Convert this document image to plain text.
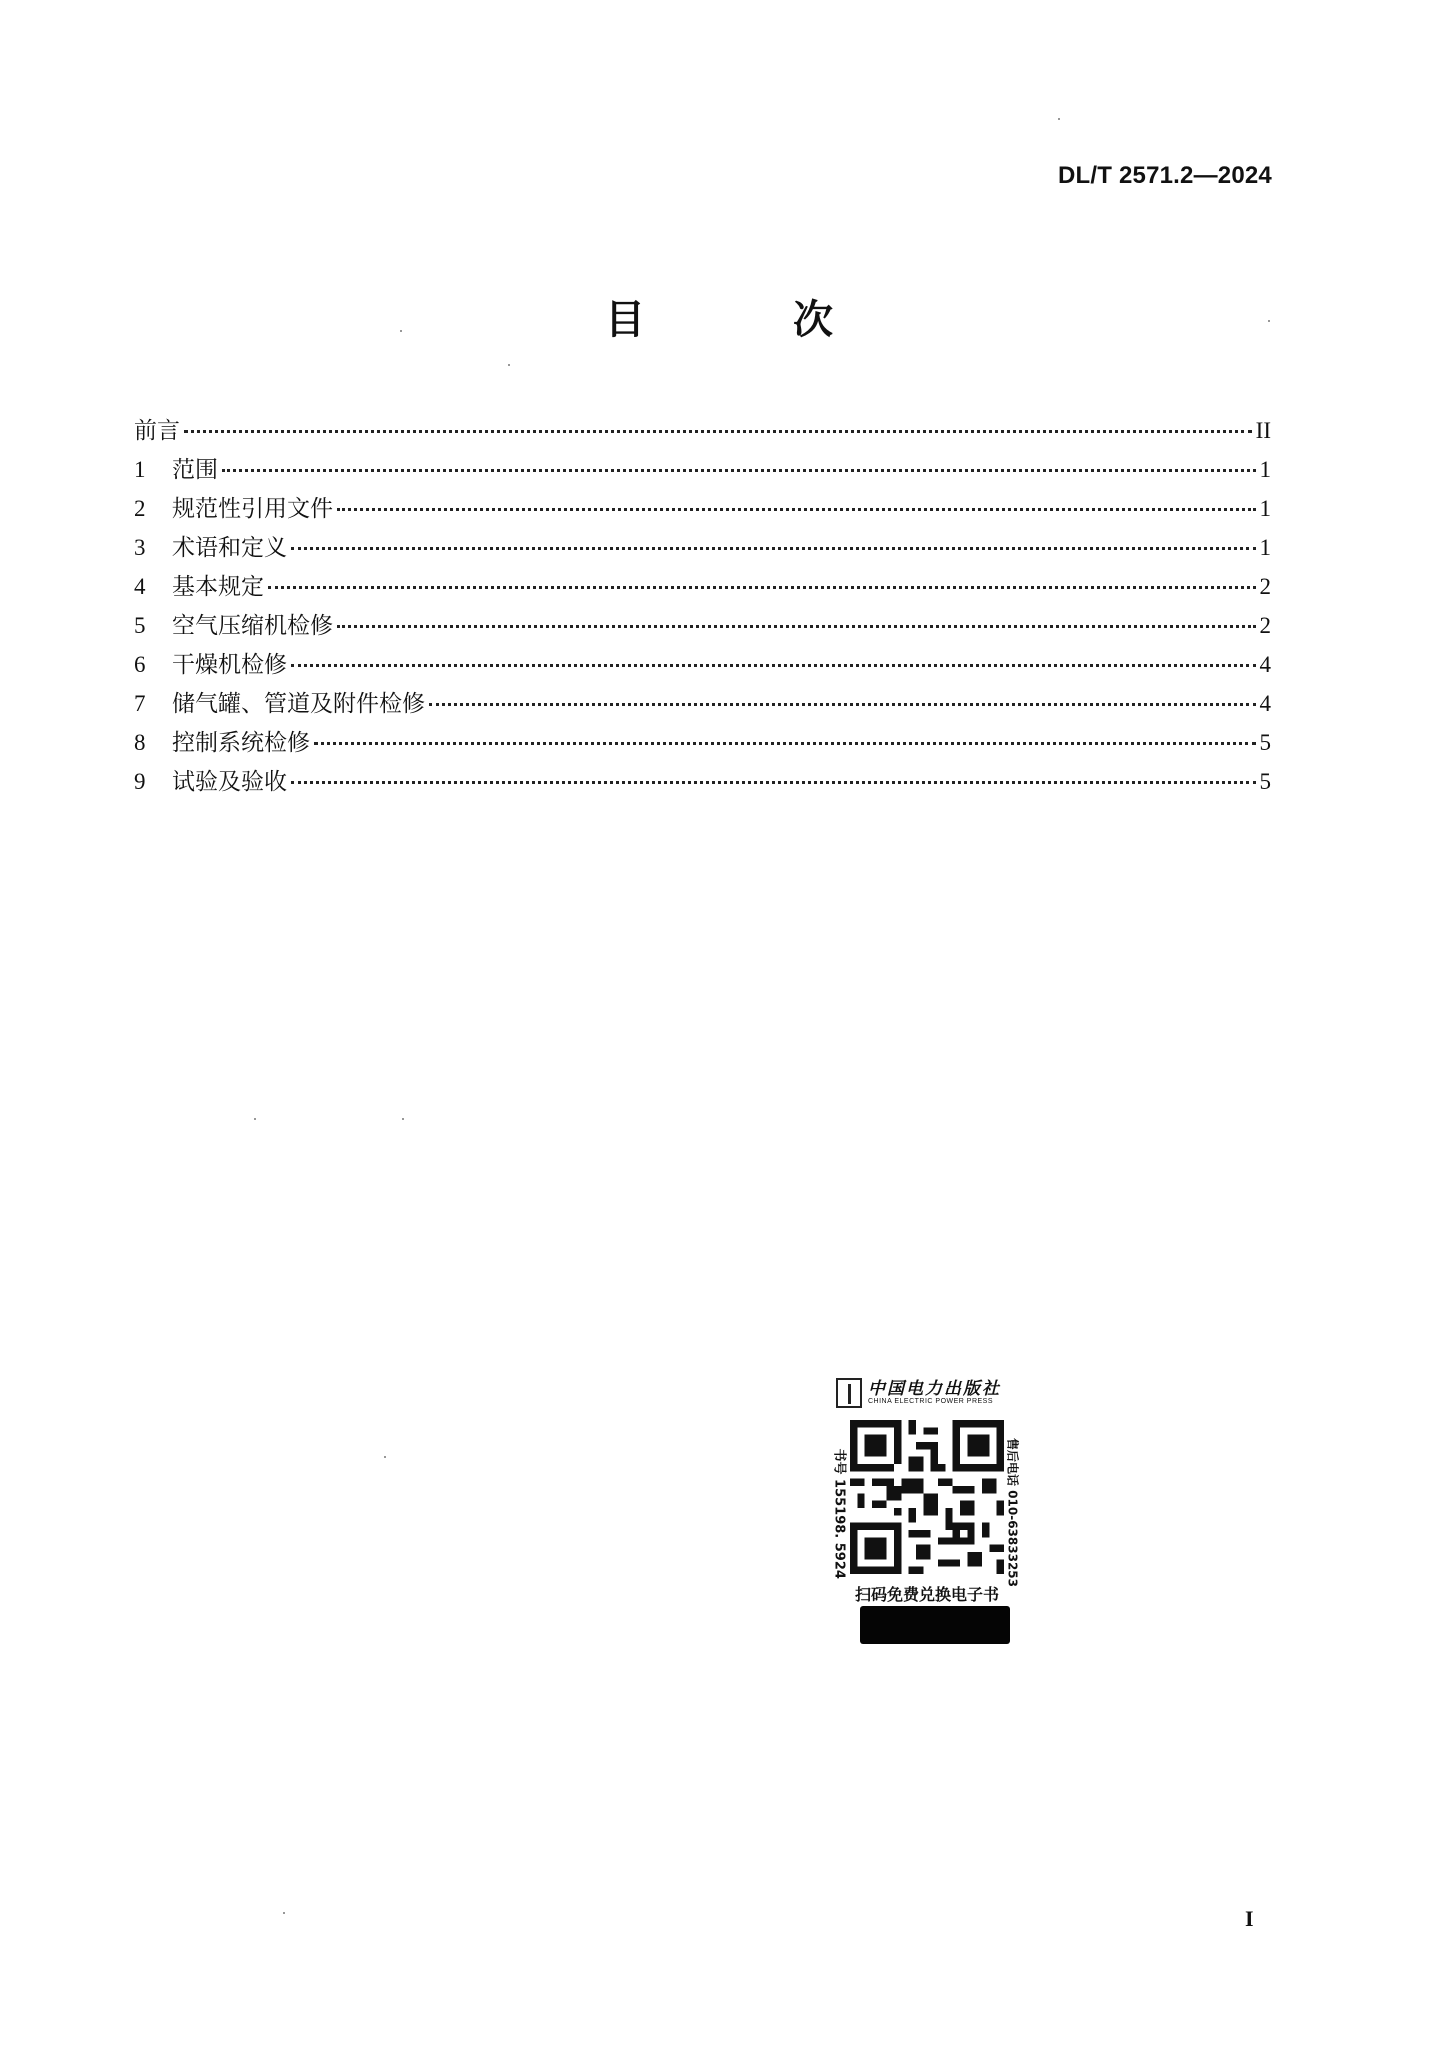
DL/T 2571.2—2024
目　次
前言	II
1	范围	1
2	规范性引用文件	1
3	术语和定义	1
4	基本规定	2
5	空气压缩机检修	2
6	干燥机检修	4
7	储气罐、管道及附件检修	4
8	控制系统检修	5
9	试验及验收	5
中国电力出版社
CHINA ELECTRIC POWER PRESS
书号 155198. 5924	售后电话 010-63833253
扫码免费兑换电子书
I
